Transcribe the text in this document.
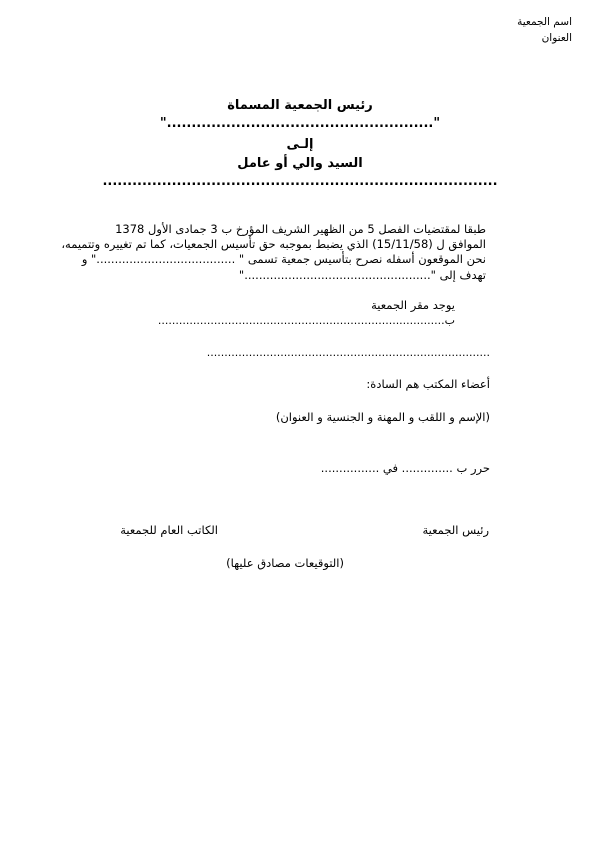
اسم الجمعية
العنوان
رئيس الجمعية المسماة
"......................................................"
إلـى
السيد والي أو عامل
................................................................................
طبقا لمقتضيات الفصل 5 من الظهير الشريف المؤرخ ب 3 جمادى الأول 1378
الموافق ل (15/11/58) الذي يضبط بموجبه حق تأسيس الجمعيات، كما تم تغييره وتتميمه،
نحن الموقعون أسفله نصرح بتأسيس جمعية تسمى " ......................................" و
تهدف إلى "..................................................."
يوجد مقر الجمعية
ب..................................................................................
.................................................................................
أعضاء المكتب هم السادة:
(الإسم و اللقب و المهنة و الجنسية و العنوان)
حرر ب .............. في ................
رئيس الجمعية
الكاتب العام للجمعية
(التوقيعات مصادق عليها)
